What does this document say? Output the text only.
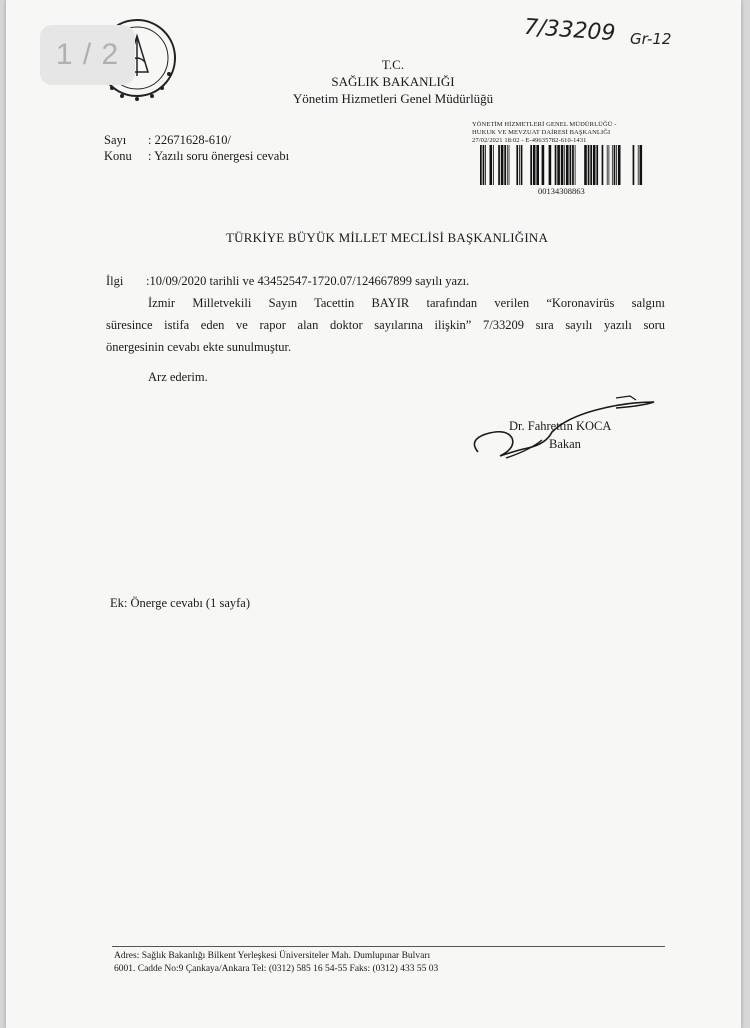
1 / 2
7/33209 Gr-12
T.C.
SAĞLIK BAKANLIĞI
Yönetim Hizmetleri Genel Müdürlüğü
Sayı : 22671628-610/
Konu : Yazılı soru önergesi cevabı
YÖNETİM HİZMETLERİ GENEL MÜDÜRLÜĞÜ -
HUKUK VE MEVZUAT DAİRESİ BAŞKANLIĞI
27/02/2021 18:02 - E-49635782-610-1431
00134308863
TÜRKİYE BÜYÜK MİLLET MECLİSİ BAŞKANLIĞINA
İlgi :10/09/2020 tarihli ve 43452547-1720.07/124667899 sayılı yazı.
İzmir Milletvekili Sayın Tacettin BAYIR tarafından verilen “Koronavirüs salgını
süresince istifa eden ve rapor alan doktor sayılarına ilişkin” 7/33209 sıra sayılı yazılı soru
önergesinin cevabı ekte sunulmuştur.
Arz ederim.
Dr. Fahrettin KOCA
Bakan
Ek: Önerge cevabı (1 sayfa)
Adres: Sağlık Bakanlığı Bilkent Yerleşkesi Üniversiteler Mah. Dumlupınar Bulvarı
6001. Cadde No:9 Çankaya/Ankara Tel: (0312) 585 16 54-55 Faks: (0312) 433 55 03
